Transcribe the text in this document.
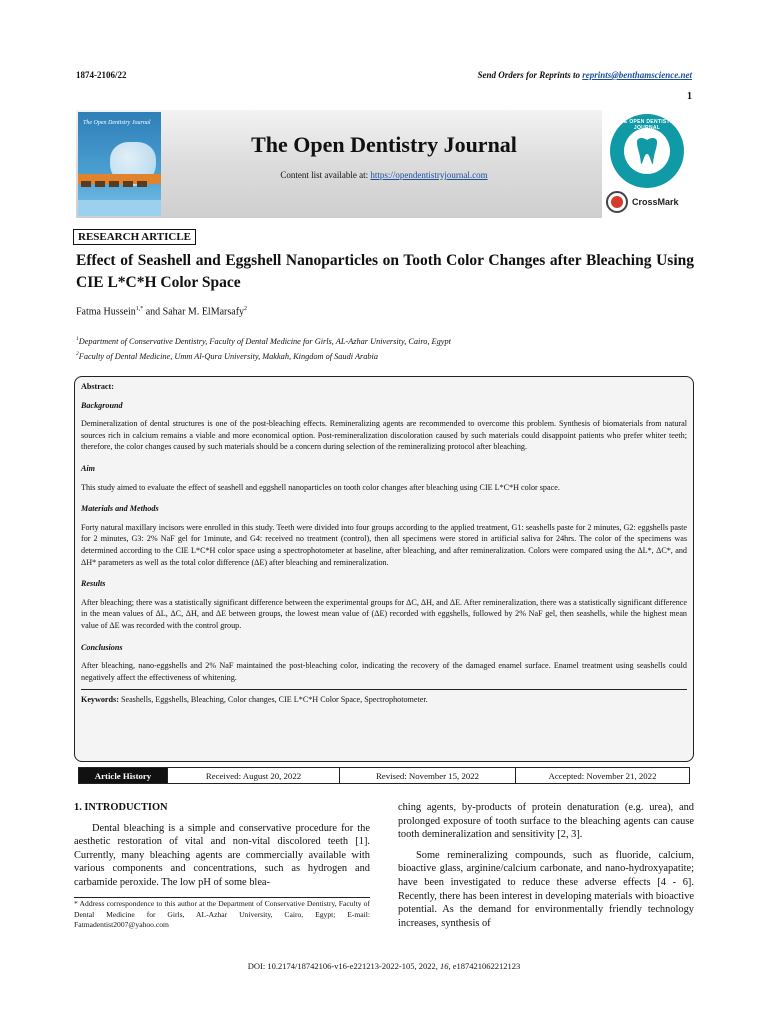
1874-2106/22	Send Orders for Reprints to reprints@benthamscience.net
1
The Open Dentistry Journal
The Open Dentistry Journal
Content list available at: https://opendentistryjournal.com
THE OPEN DENTISTRY JOURNAL
CrossMark
RESEARCH ARTICLE
Effect of Seashell and Eggshell Nanoparticles on Tooth Color Changes after Bleaching Using CIE L*C*H Color Space
Fatma Hussein$^{1,*}$ and Sahar M. ElMarsafy$^2$
$^1$Department of Conservative Dentistry, Faculty of Dental Medicine for Girls, AL-Azhar University, Cairo, Egypt
$^2$Faculty of Dental Medicine, Umm Al-Qura University, Makkah, Kingdom of Saudi Arabia

Abstract:

Background

Demineralization of dental structures is one of the post-bleaching effects. Remineralizing agents are recommended to overcome this problem. Synthesis of biomaterials from natural sources rich in calcium remains a viable and more economical option. Post-remineralization discoloration caused by such materials could disappoint patients who prefer whiter teeth; therefore, the color changes caused by such materials should be a concern during selection of the remineralizing protocol after bleaching.

Aim

This study aimed to evaluate the effect of seashell and eggshell nanoparticles on tooth color changes after bleaching using CIE L*C*H color space.

Materials and Methods

Forty natural maxillary incisors were enrolled in this study. Teeth were divided into four groups according to the applied treatment, G1: seashells paste for 2 minutes, G2: eggshells paste for 2 minutes, G3: 2% NaF gel for 1minute, and G4: received no treatment (control), then all specimens were stored in artificial saliva for 24hrs. The color of the specimens was determined according to the CIE L*C*H color space using a spectrophotometer at baseline, after bleaching, and after remineralization. Colors were compared using the ΔL*, ΔC*, and ΔH* parameters as well as the total color difference (ΔE) after bleaching and remineralization.

Results

After bleaching; there was a statistically significant difference between the experimental groups for ΔC, ΔH, and ΔE. After remineralization, there was a statistically significant difference in the mean values of ΔL, ΔC, ΔH, and ΔE between groups, the lowest mean value of (ΔE) recorded with eggshells, followed by 2% NaF gel, then seashells, while the highest mean value of ΔE was recorded with the control group.

Conclusions

After bleaching, nano-eggshells and 2% NaF maintained the post-bleaching color, indicating the recovery of the damaged enamel surface. Enamel treatment using seashells could negatively affect the effectiveness of whitening.

Keywords: Seashells, Eggshells, Bleaching, Color changes, CIE L*C*H Color Space, Spectrophotometer.

Article History	Received: August 20, 2022	Revised: November 15, 2022	Accepted: November 21, 2022

1. INTRODUCTION

Dental bleaching is a simple and conservative procedure for the aesthetic restoration of vital and non-vital discolored teeth [1]. Currently, many bleaching agents are commercially available with various components and concentrations, such as hydrogen and carbamide peroxide. The low pH of some blea-

* Address correspondence to this author at the Department of Conservative Dentistry, Faculty of Dental Medicine for Girls, AL-Azhar University, Cairo, Egypt; E-mail: Fatmadentist2007@yahoo.com

ching agents, by-products of protein denaturation (e.g. urea), and prolonged exposure of tooth surface to the bleaching agents can cause tooth demineralization and sensitivity [2, 3].

Some remineralizing compounds, such as fluoride, calcium, bioactive glass, arginine/calcium carbonate, and nano-hydroxyapatite; have been investigated to reduce these adverse effects [4 - 6]. Recently, there has been interest in developing materials with bioactive potential. As the demand for environmentally friendly technology increases, synthesis of

DOI: 10.2174/18742106-v16-e221213-2022-105, 2022, 16, e187421062212123
